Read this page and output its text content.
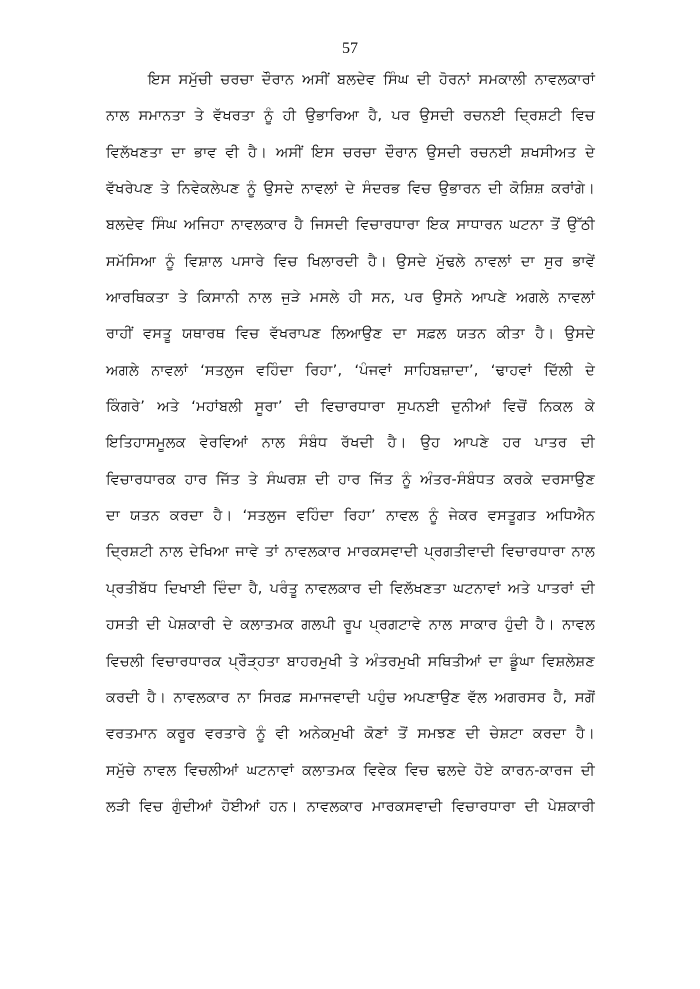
57
ਇਸ ਸਮੁੱਚੀ ਚਰਚਾ ਦੌਰਾਨ ਅਸੀਂ ਬਲਦੇਵ ਸਿੰਘ ਦੀ ਹੋਰਨਾਂ ਸਮਕਾਲੀ ਨਾਵਲਕਾਰਾਂ
ਨਾਲ ਸਮਾਨਤਾ ਤੇ ਵੱਖਰਤਾ ਨੂੰ ਹੀ ਉਭਾਰਿਆ ਹੈ, ਪਰ ਉਸਦੀ ਰਚਨਈ ਦ੍ਰਿਸ਼ਟੀ ਵਿਚ
ਵਿਲੱਖਣਤਾ ਦਾ ਭਾਵ ਵੀ ਹੈ। ਅਸੀਂ ਇਸ ਚਰਚਾ ਦੌਰਾਨ ਉਸਦੀ ਰਚਨਈ ਸ਼ਖਸੀਅਤ ਦੇ
ਵੱਖਰੇਪਣ ਤੇ ਨਿਵੇਕਲੇਪਣ ਨੂੰ ਉਸਦੇ ਨਾਵਲਾਂ ਦੇ ਸੰਦਰਭ ਵਿਚ ਉਭਾਰਨ ਦੀ ਕੋਸ਼ਿਸ਼ ਕਰਾਂਗੇ।
ਬਲਦੇਵ ਸਿੰਘ ਅਜਿਹਾ ਨਾਵਲਕਾਰ ਹੈ ਜਿਸਦੀ ਵਿਚਾਰਧਾਰਾ ਇਕ ਸਾਧਾਰਨ ਘਟਨਾ ਤੋਂ ਉੱਠੀ
ਸਮੱਸਿਆ ਨੂੰ ਵਿਸ਼ਾਲ ਪਸਾਰੇ ਵਿਚ ਖਿਲਾਰਦੀ ਹੈ। ਉਸਦੇ ਮੁੱਢਲੇ ਨਾਵਲਾਂ ਦਾ ਸੁਰ ਭਾਵੇਂ
ਆਰਥਿਕਤਾ ਤੇ ਕਿਸਾਨੀ ਨਾਲ ਜੁੜੇ ਮਸਲੇ ਹੀ ਸਨ, ਪਰ ਉਸਨੇ ਆਪਣੇ ਅਗਲੇ ਨਾਵਲਾਂ
ਰਾਹੀਂ ਵਸਤੂ ਯਥਾਰਥ ਵਿਚ ਵੱਖਰਾਪਣ ਲਿਆਉਣ ਦਾ ਸਫ਼ਲ ਯਤਨ ਕੀਤਾ ਹੈ। ਉਸਦੇ
ਅਗਲੇ ਨਾਵਲਾਂ ‘ਸਤਲੁਜ ਵਹਿੰਦਾ ਰਿਹਾ’, ‘ਪੰਜਵਾਂ ਸਾਹਿਬਜ਼ਾਦਾ’, ‘ਢਾਹਵਾਂ ਦਿੱਲੀ ਦੇ
ਕਿੰਗਰੇ’ ਅਤੇ ‘ਮਹਾਂਬਲੀ ਸੂਰਾ’ ਦੀ ਵਿਚਾਰਧਾਰਾ ਸੁਪਨਈ ਦੁਨੀਆਂ ਵਿਚੋਂ ਨਿਕਲ ਕੇ
ਇਤਿਹਾਸਮੂਲਕ ਵੇਰਵਿਆਂ ਨਾਲ ਸੰਬੰਧ ਰੱਖਦੀ ਹੈ। ਉਹ ਆਪਣੇ ਹਰ ਪਾਤਰ ਦੀ
ਵਿਚਾਰਧਾਰਕ ਹਾਰ ਜਿੱਤ ਤੇ ਸੰਘਰਸ਼ ਦੀ ਹਾਰ ਜਿੱਤ ਨੂੰ ਅੰਤਰ-ਸੰਬੰਧਤ ਕਰਕੇ ਦਰਸਾਉਣ
ਦਾ ਯਤਨ ਕਰਦਾ ਹੈ। ‘ਸਤਲੁਜ ਵਹਿੰਦਾ ਰਿਹਾ’ ਨਾਵਲ ਨੂੰ ਜੇਕਰ ਵਸਤੂਗਤ ਅਧਿਐਨ
ਦ੍ਰਿਸ਼ਟੀ ਨਾਲ ਦੇਖਿਆ ਜਾਵੇ ਤਾਂ ਨਾਵਲਕਾਰ ਮਾਰਕਸਵਾਦੀ ਪ੍ਰਗਤੀਵਾਦੀ ਵਿਚਾਰਧਾਰਾ ਨਾਲ
ਪ੍ਰਤੀਬੱਧ ਦਿਖਾਈ ਦਿੰਦਾ ਹੈ, ਪਰੰਤੂ ਨਾਵਲਕਾਰ ਦੀ ਵਿਲੱਖਣਤਾ ਘਟਨਾਵਾਂ ਅਤੇ ਪਾਤਰਾਂ ਦੀ
ਹਸਤੀ ਦੀ ਪੇਸ਼ਕਾਰੀ ਦੇ ਕਲਾਤਮਕ ਗਲਪੀ ਰੂਪ ਪ੍ਰਗਟਾਵੇ ਨਾਲ ਸਾਕਾਰ ਹੁੰਦੀ ਹੈ। ਨਾਵਲ
ਵਿਚਲੀ ਵਿਚਾਰਧਾਰਕ ਪ੍ਰੌੜ੍ਹਤਾ ਬਾਹਰਮੁਖੀ ਤੇ ਅੰਤਰਮੁਖੀ ਸਥਿਤੀਆਂ ਦਾ ਡੂੰਘਾ ਵਿਸ਼ਲੇਸ਼ਣ
ਕਰਦੀ ਹੈ। ਨਾਵਲਕਾਰ ਨਾ ਸਿਰਫ਼ ਸਮਾਜਵਾਦੀ ਪਹੁੰਚ ਅਪਣਾਉਣ ਵੱਲ ਅਗਰਸਰ ਹੈ, ਸਗੋਂ
ਵਰਤਮਾਨ ਕਰੂਰ ਵਰਤਾਰੇ ਨੂੰ ਵੀ ਅਨੇਕਮੁਖੀ ਕੋਣਾਂ ਤੋਂ ਸਮਝਣ ਦੀ ਚੇਸ਼ਟਾ ਕਰਦਾ ਹੈ।
ਸਮੁੱਚੇ ਨਾਵਲ ਵਿਚਲੀਆਂ ਘਟਨਾਵਾਂ ਕਲਾਤਮਕ ਵਿਵੇਕ ਵਿਚ ਢਲਦੇ ਹੋਏ ਕਾਰਨ-ਕਾਰਜ ਦੀ
ਲੜੀ ਵਿਚ ਗੁੰਦੀਆਂ ਹੋਈਆਂ ਹਨ। ਨਾਵਲਕਾਰ ਮਾਰਕਸਵਾਦੀ ਵਿਚਾਰਧਾਰਾ ਦੀ ਪੇਸ਼ਕਾਰੀ
